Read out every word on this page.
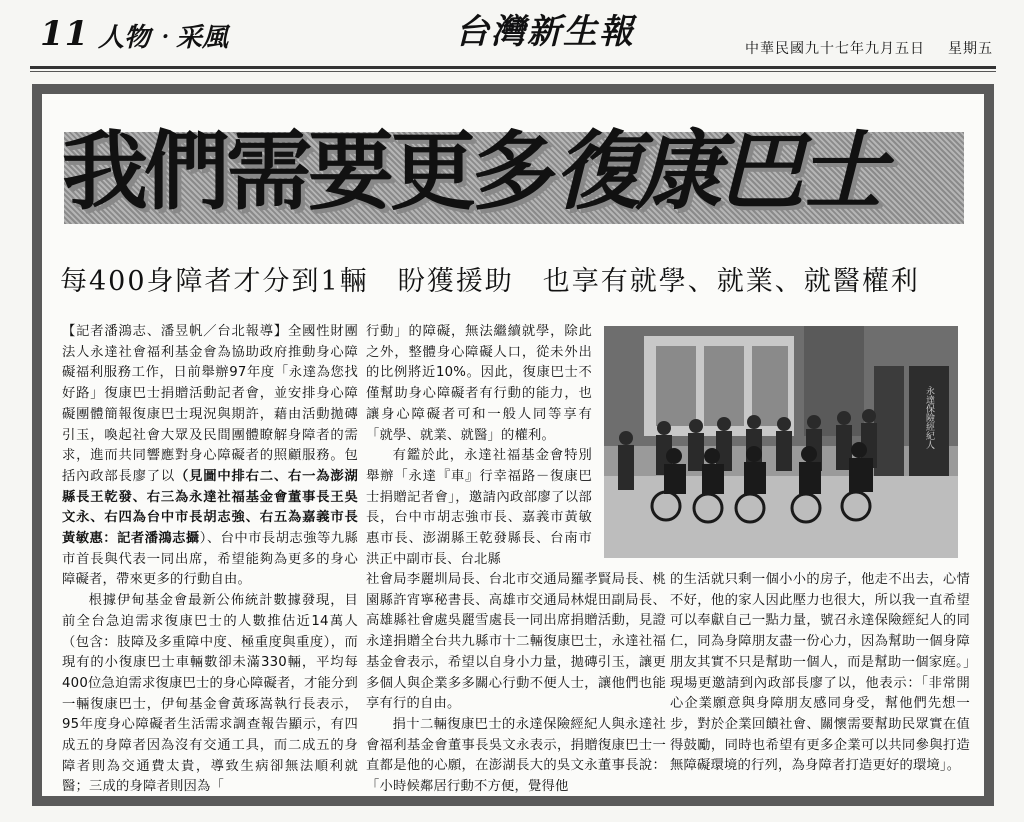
11 人物‧采風	台灣新生報	中華民國九十七年九月五日 星期五
我們需要更多復康巴士
每400身障者才分到1輛　盼獲援助　也享有就學、就業、就醫權利

【記者潘鴻志、潘昱帆／台北報導】全國性財團法人永達社會福利基金會為協助政府推動身心障礙福利服務工作，日前舉辦97年度「永達為您找好路」復康巴士捐贈活動記者會，並安排身心障礙團體簡報復康巴士現況與期許，藉由活動拋磚引玉，喚起社會大眾及民間團體瞭解身障者的需求，進而共同響應對身心障礙者的照顧服務。包括內政部長廖了以（見圖中排右二、右一為澎湖縣長王乾發、右三為永達社福基金會董事長王吳文永、右四為台中市長胡志強、右五為嘉義市長黃敏惠：記者潘鴻志攝）、台中市長胡志強等九縣市首長與代表一同出席，希望能夠為更多的身心障礙者，帶來更多的行動自由。

根據伊甸基金會最新公佈統計數據發現，目前全台急迫需求復康巴士的人數推估近14萬人（包含：肢障及多重障中度、極重度與重度），而現有的小復康巴士車輛數卻未滿330輛，平均每400位急迫需求復康巴士的身心障礙者，才能分到一輛復康巴士，伊甸基金會黃琢嵩執行長表示，95年度身心障礙者生活需求調查報告顯示，有四成五的身障者因為沒有交通工具，而二成五的身障者則為交通費太貴，導致生病卻無法順利就醫；三成的身障者則因為「

行動」的障礙，無法繼續就學，除此之外，整體身心障礙人口，從未外出的比例將近10%。因此，復康巴士不僅幫助身心障礙者有行動的能力，也讓身心障礙者可和一般人同等享有「就學、就業、就醫」的權利。

有鑑於此，永達社福基金會特別舉辦「永達『車』行幸福路－復康巴士捐贈記者會」，邀請內政部廖了以部長，台中市胡志強市長、嘉義市黃敏惠市長、澎湖縣王乾發縣長、台南市洪正中副市長、台北縣

永達保險經紀人

社會局李麗圳局長、台北市交通局羅孝賢局長、桃園縣許宵寧秘書長、高雄市交通局林焜田副局長、高雄縣社會處吳麗雪處長一同出席捐贈活動，見證永達捐贈全台共九縣市十二輛復康巴士，永達社福基金會表示，希望以自身小力量，拋磚引玉，讓更多個人與企業多多關心行動不便人士，讓他們也能享有行的自由。

捐十二輛復康巴士的永達保險經紀人與永達社會福利基金會董事長吳文永表示，捐贈復康巴士一直都是他的心願，在澎湖長大的吳文永董事長說：「小時候鄰居行動不方便，覺得他

的生活就只剩一個小小的房子，他走不出去，心情不好，他的家人因此壓力也很大，所以我一直希望可以奉獻自己一點力量，號召永達保險經紀人的同仁，同為身障朋友盡一份心力，因為幫助一個身障朋友其實不只是幫助一個人，而是幫助一個家庭。」現場更邀請到內政部長廖了以，他表示：「非常開心企業願意與身障朋友感同身受，幫他們先想一步，對於企業回饋社會、關懷需要幫助民眾實在值得鼓勵，同時也希望有更多企業可以共同參與打造無障礙環境的行列，為身障者打造更好的環境」。
